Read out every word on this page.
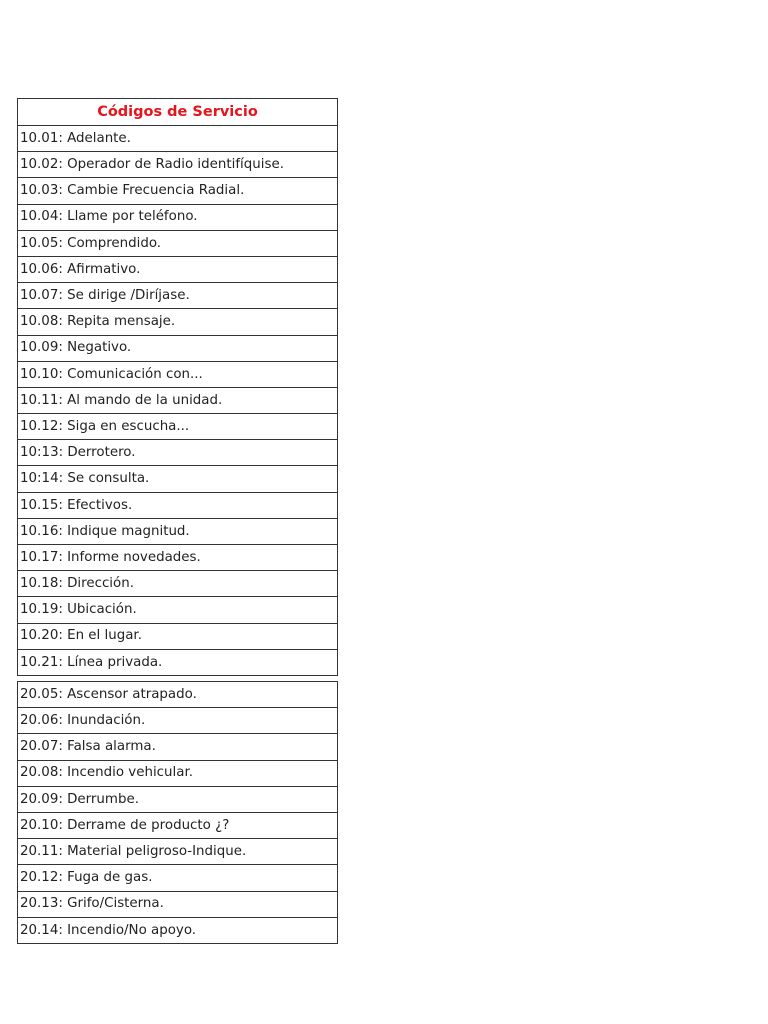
Códigos de Servicio
10.01: Adelante.
10.02: Operador de Radio identifíquise.
10.03: Cambie Frecuencia Radial.
10.04: Llame por teléfono.
10.05: Comprendido.
10.06: Afirmativo.
10.07: Se dirige /Diríjase.
10.08: Repita mensaje.
10.09: Negativo.
10.10: Comunicación con...
10.11: Al mando de la unidad.
10.12: Siga en escucha...
10:13: Derrotero.
10:14: Se consulta.
10.15: Efectivos.
10.16: Indique magnitud.
10.17: Informe novedades.
10.18: Dirección.
10.19: Ubicación.
10.20: En el lugar.
10.21: Línea privada.
20.05: Ascensor atrapado.
20.06: Inundación.
20.07: Falsa alarma.
20.08: Incendio vehicular.
20.09: Derrumbe.
20.10: Derrame de producto ¿?
20.11: Material peligroso-Indique.
20.12: Fuga de gas.
20.13: Grifo/Cisterna.
20.14: Incendio/No apoyo.
